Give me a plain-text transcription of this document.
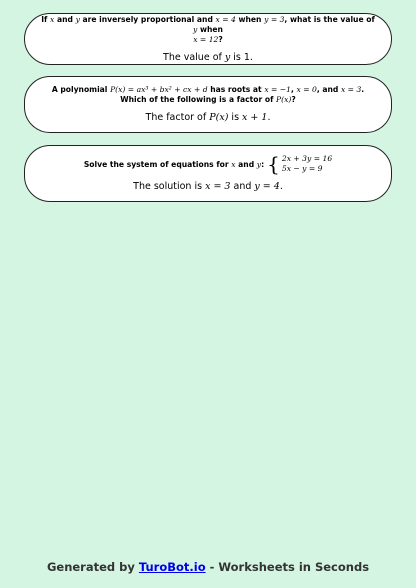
If x and y are inversely proportional and x = 4 when y = 3, what is the value of y when
x = 12?
The value of y is 1.
A polynomial P(x) = ax³ + bx² + cx + d has roots at x = −1, x = 0, and x = 3. Which of the following is a factor of P(x)?
The factor of P(x) is x + 1.
Solve the system of equations for x and y: { 2x + 3y = 16
5x − y = 9
The solution is x = 3 and y = 4.
Generated by TuroBot.io - Worksheets in Seconds
